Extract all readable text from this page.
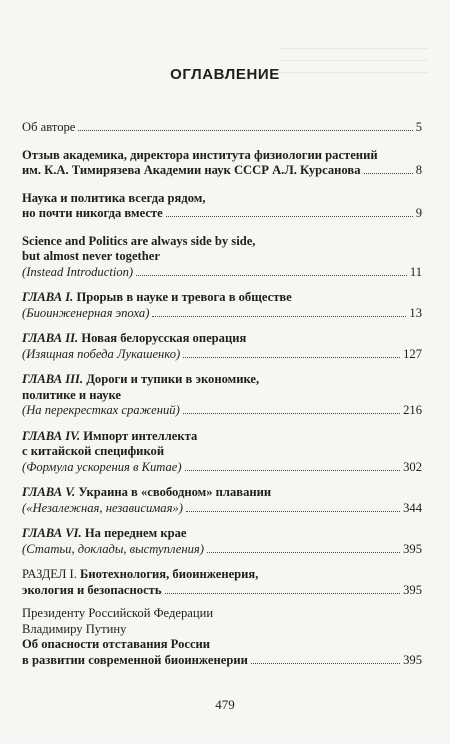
ОГЛАВЛЕНИЕ
Об авторе	5
Отзыв академика, директора института физиологии растений
им. К.А. Тимирязева Академии наук СССР А.Л. Курсанова	8
Наука и политика всегда рядом,
но почти никогда вместе	9
Science and Politics are always side by side,
but almost never together
(Instead Introduction)	11
ГЛАВА I. Прорыв в науке и тревога в обществе
(Биоинженерная эпоха)	13
ГЛАВА II. Новая белорусская операция
(Изящная победа Лукашенко)	127
ГЛАВА III. Дороги и тупики в экономике,
политике и науке
(На перекрестках сражений)	216
ГЛАВА IV. Импорт интеллекта
с китайской спецификой
(Формула ускорения в Китае)	302
ГЛАВА V. Украина в «свободном» плавании
(«Незалежная, независимая»)	344
ГЛАВА VI. На переднем крае
(Статьи, доклады, выступления)	395
РАЗДЕЛ I. Биотехнология, биоинженерия,
экология и безопасность	395
Президенту Российской Федерации
Владимиру Путину
Об опасности отставания России
в развитии современной биоинженерии	395
479
